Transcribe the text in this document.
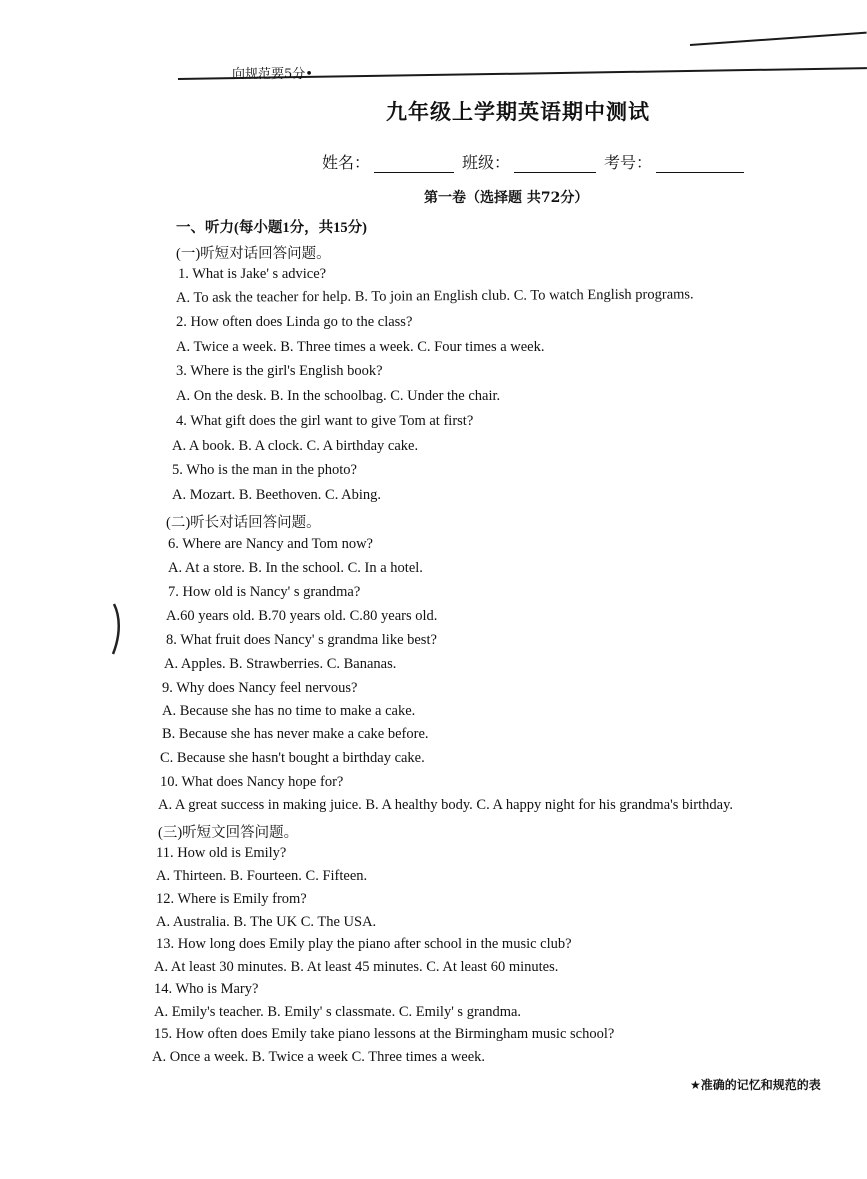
向规范要5分•
九年级上学期英语期中测试
姓名：	班级：	考号：
第一卷（选择题 共72分）
一、听力(每小题1分，共15分)
(一)听短对话回答问题。
1. What is Jake' s advice?
A. To ask the teacher for help. B. To join an English club. C. To watch English programs.
2. How often does Linda go to the class?
A. Twice a week. B. Three times a week. C. Four times a week.
3. Where is the girl's English book?
A. On the desk. B. In the schoolbag. C. Under the chair.
4. What gift does the girl want to give Tom at first?
A. A book. B. A clock. C. A birthday cake.
5. Who is the man in the photo?
A. Mozart. B. Beethoven. C. Abing.
(二)听长对话回答问题。
6. Where are Nancy and Tom now?
A. At a store. B. In the school. C. In a hotel.
7. How old is Nancy' s grandma?
A.60 years old. B.70 years old. C.80 years old.
8. What fruit does Nancy' s grandma like best?
A. Apples. B. Strawberries. C. Bananas.
9. Why does Nancy feel nervous?
A. Because she has no time to make a cake.
B. Because she has never make a cake before.
C. Because she hasn't bought a birthday cake.
10. What does Nancy hope for?
A. A great success in making juice. B. A healthy body. C. A happy night for his grandma's birthday.
(三)听短文回答问题。
11. How old is Emily?
A. Thirteen. B. Fourteen. C. Fifteen.
12. Where is Emily from?
A. Australia. B. The UK C. The USA.
13. How long does Emily play the piano after school in the music club?
A. At least 30 minutes. B. At least 45 minutes. C. At least 60 minutes.
14. Who is Mary?
A. Emily's teacher. B. Emily' s classmate. C. Emily' s grandma.
15. How often does Emily take piano lessons at the Birmingham music school?
A. Once a week. B. Twice a week C. Three times a week.
★准确的记忆和规范的表
